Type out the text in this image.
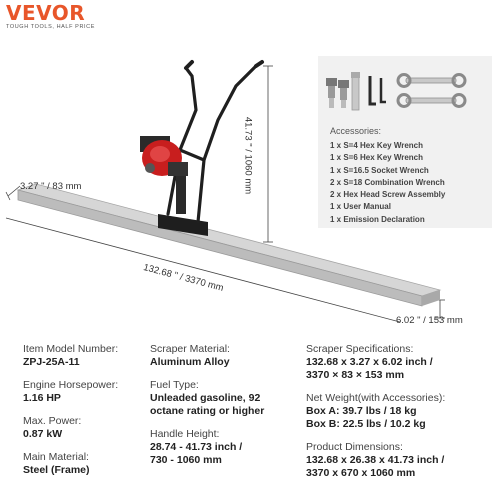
VEVOR
TOUGH TOOLS, HALF PRICE
Accessories:
1 x S=4 Hex Key Wrench
1 x S=6 Hex Key Wrench
1 x S=16.5 Socket Wrench
2 x S=18 Combination Wrench
2 x Hex Head Screw Assembly
1 x User Manual
1 x Emission Declaration
41.73 " / 1060 mm
3.27 " / 83 mm
132.68 " / 3370 mm
6.02 " / 153 mm
Item Model Number:
ZPJ-25A-11
Engine Horsepower:
1.16 HP
Max. Power:
0.87 kW
Main Material:
Steel (Frame)
Scraper Material:
Aluminum Alloy
Fuel Type:
Unleaded gasoline, 92
octane rating or higher
Handle Height:
28.74 - 41.73 inch /
730 - 1060 mm
Scraper Specifications:
132.68 x 3.27 x 6.02 inch /
3370 × 83 × 153 mm
Net Weight(with Accessories):
Box A: 39.7 lbs / 18 kg
Box B: 22.5 lbs / 10.2 kg
Product Dimensions:
132.68 x 26.38 x 41.73 inch /
3370 x 670 x 1060 mm
